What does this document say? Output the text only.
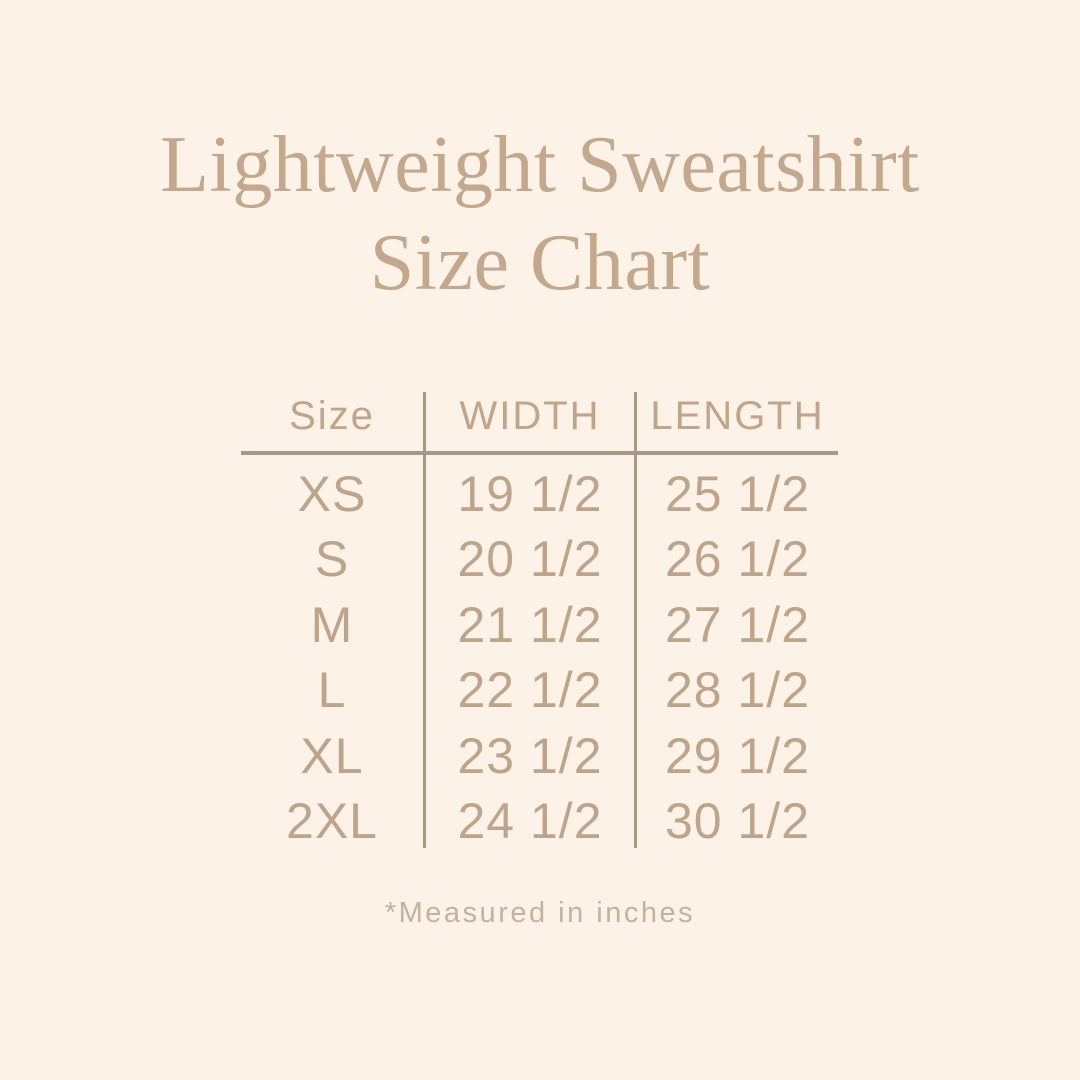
Lightweight Sweatshirt
Size Chart
Size	WIDTH	LENGTH
XS	19 1/2	25 1/2
S	20 1/2	26 1/2
M	21 1/2	27 1/2
L	22 1/2	28 1/2
XL	23 1/2	29 1/2
2XL	24 1/2	30 1/2
*Measured in inches
